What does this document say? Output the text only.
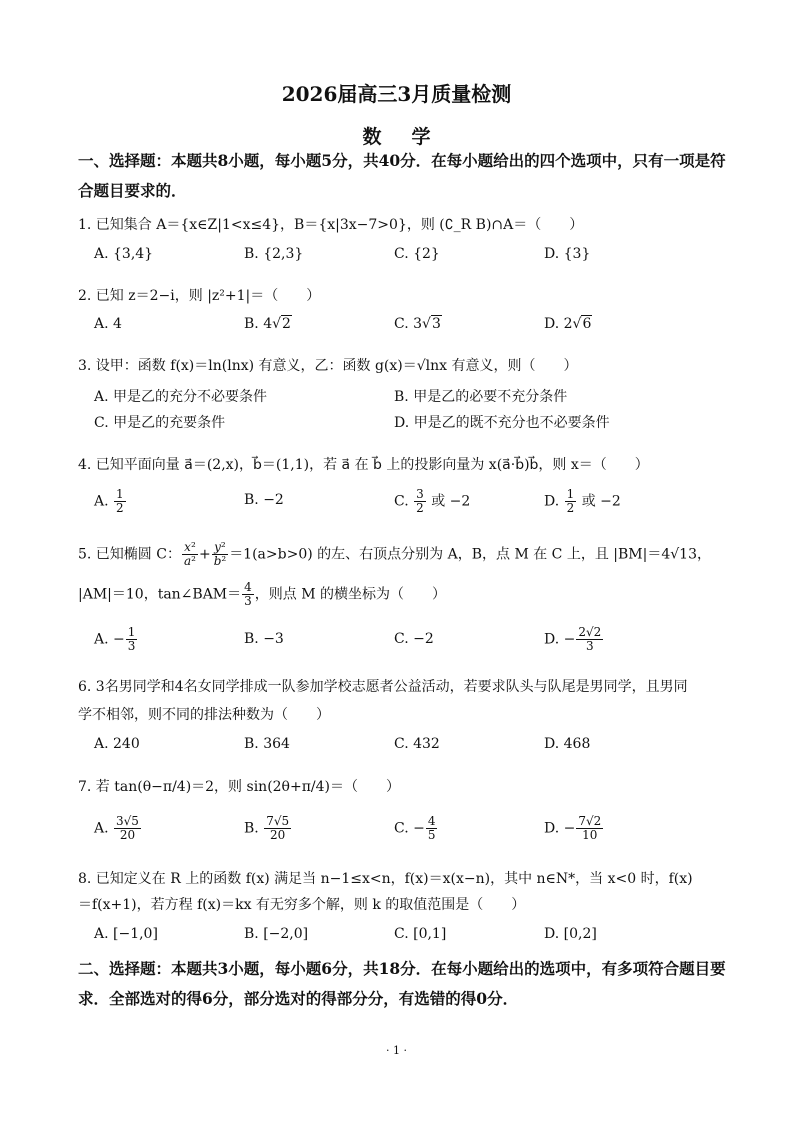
2026届高三3月质量检测
数学
一、选择题：本题共8小题，每小题5分，共40分．在每小题给出的四个选项中，只有一项是符合题目要求的．
1. 已知集合 A＝{x∈Z|1<x≤4}，B＝{x|3x−7>0}，则 (∁_R B)∩A＝（　　）
A. {3,4}	B. {2,3}	C. {2}	D. {3}
2. 已知 z＝2−i，则 |z²+1|＝（　　）
A. 4	B. 4√2	C. 3√3	D. 2√6
3. 设甲：函数 f(x)＝ln(lnx) 有意义，乙：函数 g(x)＝√lnx 有意义，则（　　）
A. 甲是乙的充分不必要条件	B. 甲是乙的必要不充分条件
C. 甲是乙的充要条件	D. 甲是乙的既不充分也不必要条件
4. 已知平面向量 a⃗＝(2,x)，b⃗＝(1,1)，若 a⃗ 在 b⃗ 上的投影向量为 x(a⃗·b⃗)b⃗，则 x＝（　　）
A. $\frac{1}{2}$	B. −2	C. $\frac{3}{2}$ 或 −2	D. $\frac{1}{2}$ 或 −2
5. 已知椭圆 C： $\frac{\text{x²}}{\text{a²}} + \frac{\text{y²}}{\text{b²}} =1(a>b>0)$ 的左、右顶点分别为 A，B，点 M 在 C 上，且 |BM|＝4√13，
|AM|＝10，tan∠BAM＝ $\frac{4}{3}$ ，则点 M 的横坐标为（　　）
A. − $\frac{1}{3}$	B. −3	C. −2	D. − $\frac{2√2}{3}$
6. 3名男同学和4名女同学排成一队参加学校志愿者公益活动，若要求队头与队尾是男同学，且男同
学不相邻，则不同的排法种数为（　　）
A. 240	B. 364	C. 432	D. 468
7. 若 tan(θ−π/4)＝2，则 sin(2θ+π/4)＝（　　）
A. $\frac{3√5}{20}$	B. $\frac{7√5}{20}$	C. − $\frac{4}{5}$	D. − $\frac{7√2}{10}$
8. 已知定义在 R 上的函数 f(x) 满足当 n−1≤x<n，f(x)＝x(x−n)，其中 n∈N*，当 x<0 时，f(x)
＝f(x+1)，若方程 f(x)＝kx 有无穷多个解，则 k 的取值范围是（　　）
A. [−1,0]	B. [−2,0]	C. [0,1]	D. [0,2]
二、选择题：本题共3小题，每小题6分，共18分．在每小题给出的选项中，有多项符合题目要求．全部选对的得6分，部分选对的得部分分，有选错的得0分．
· 1 ·
